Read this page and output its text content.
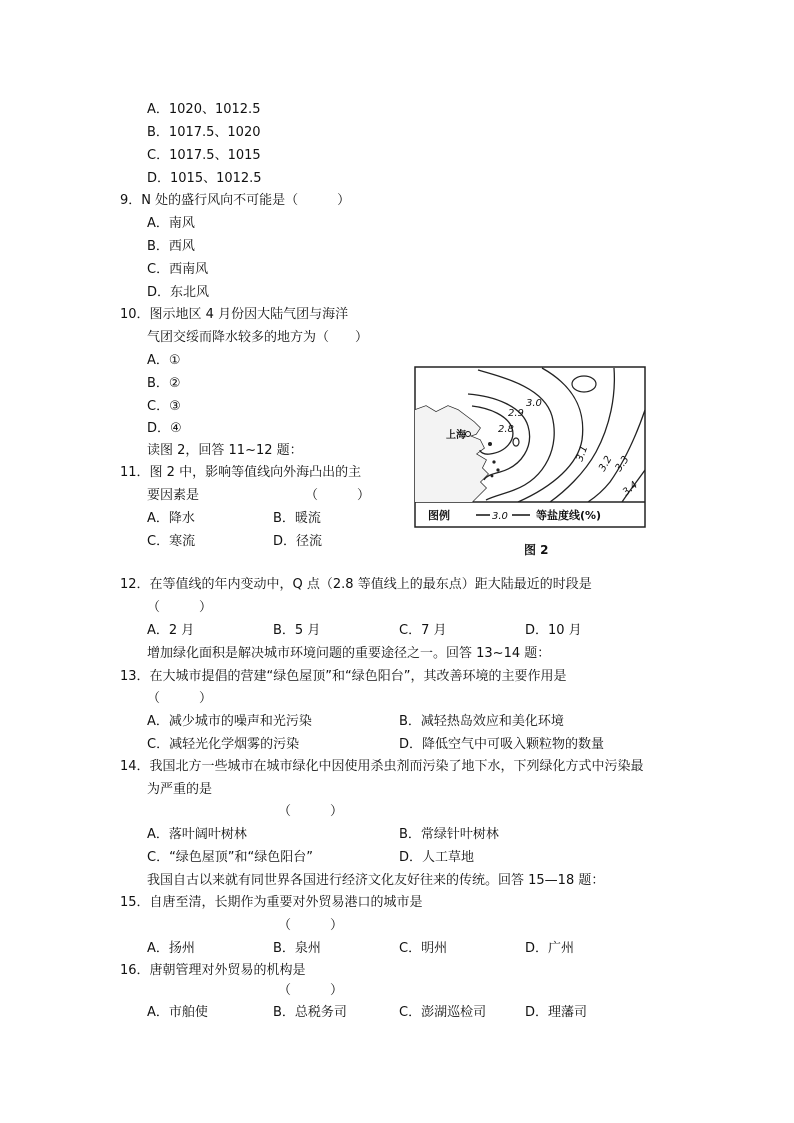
A．1020、1012.5
B．1017.5、1020
C．1017.5、1015
D．1015、1012.5
9．N 处的盛行风向不可能是（　　　）
A．南风
B．西风
C．西南风
D．东北风
10．图示地区 4 月份因大陆气团与海洋
气团交绥而降水较多的地方为（　　）
A．①
B．②
C．③
D．④
读图 2，回答 11~12 题：
11．图 2 中，影响等值线向外海凸出的主
要因素是	（　　　）
A．降水	B．暖流
C．寒流	D．径流
上海
3.0
2.9
2.8
3.1
3.2
3.3
3.4
图例	3.0	等盐度线(%)
图 2
12．在等值线的年内变动中，Q 点（2.8 等值线上的最东点）距大陆最近的时段是
（　　　）
A．2 月	B．5 月	C．7 月	D．10 月
增加绿化面积是解决城市环境问题的重要途径之一。回答 13~14 题：
13．在大城市提倡的营建“绿色屋顶”和“绿色阳台”，其改善环境的主要作用是
（　　　）
A．减少城市的噪声和光污染	B．减轻热岛效应和美化环境
C．减轻光化学烟雾的污染	D．降低空气中可吸入颗粒物的数量
14．我国北方一些城市在城市绿化中因使用杀虫剂而污染了地下水，下列绿化方式中污染最
为严重的是
（　　　）
A．落叶阔叶树林	B．常绿针叶树林
C．“绿色屋顶”和“绿色阳台”	D．人工草地
我国自古以来就有同世界各国进行经济文化友好往来的传统。回答 15—18 题：
15．自唐至清，长期作为重要对外贸易港口的城市是
（　　　）
A．扬州	B．泉州	C．明州	D．广州
16．唐朝管理对外贸易的机构是
（　　　）
A．市舶使	B．总税务司	C．澎湖巡检司	D．理藩司
